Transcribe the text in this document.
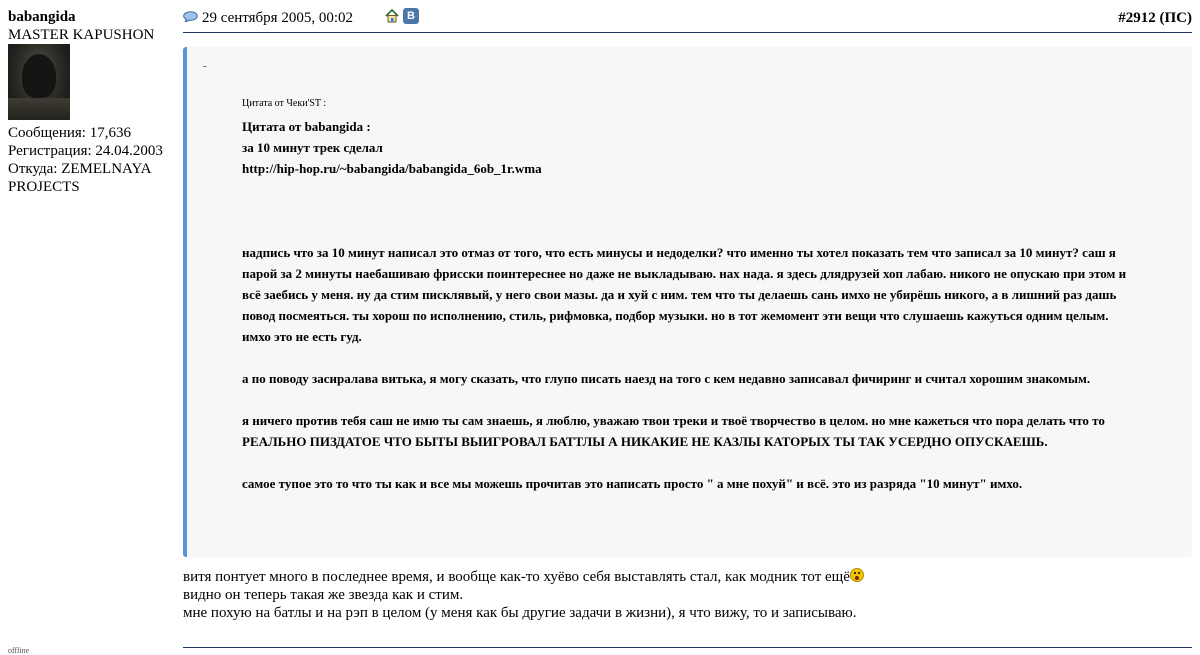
babangida
MASTER KAPUSHON
Сообщения: 17,636
Регистрация: 24.04.2003
Откуда: ZEMELNAYA
PROJECTS
offline
29 сентября 2005, 00:02	B	#2912 (ПС)
-
Цитата от Чеки'ST :
Цитата от babangida :
за 10 минут трек сделал
http://hip-hop.ru/~babangida/babangida_6ob_1r.wma

надпись что за 10 минут написал это отмаз от того, что есть минусы и недоделки? что именно ты хотел показать тем что записал за 10 минут? саш я парой за 2 минуты наебашиваю фрисски поинтереснее но даже не выкладываю. нах нада. я здесь длядрузей хоп лабаю. никого не опускаю при этом и всё заебись у меня. ну да стим писклявый, у него свои мазы. да и хуй с ним. тем что ты делаешь сань имхо не убирёшь никого, а в лишний раз дашь повод посмеяться. ты хорош по исполнению, стиль, рифмовка, подбор музыки. но в тот жемомент эти вещи что слушаешь кажуться одним целым. имхо это не есть гуд.

а по поводу засиралава витька, я могу сказать, что глупо писать наезд на того с кем недавно записавал фичиринг и считал хорошим знакомым.

я ничего против тебя саш не имю ты сам знаешь, я люблю, уважаю твои треки и твоё творчество в целом. но мне кажеться что пора делать что то РЕАЛЬНО ПИЗДАТОЕ ЧТО БЫТЫ ВЫИГРОВАЛ БАТТЛЫ А НИКАКИЕ НЕ КАЗЛЫ КАТОРЫХ ТЫ ТАК УСЕРДНО ОПУСКАЕШЬ.

самое тупое это то что ты как и все мы можешь прочитав это написать просто " а мне похуй" и всё. это из разряда "10 минут" имхо.

витя понтует много в последнее время, и вообще как-то хуёво себя выставлять стал, как модник тот ещё
видно он теперь такая же звезда как и стим.
мне похую на батлы и на рэп в целом (у меня как бы другие задачи в жизни), я что вижу, то и записываю.
